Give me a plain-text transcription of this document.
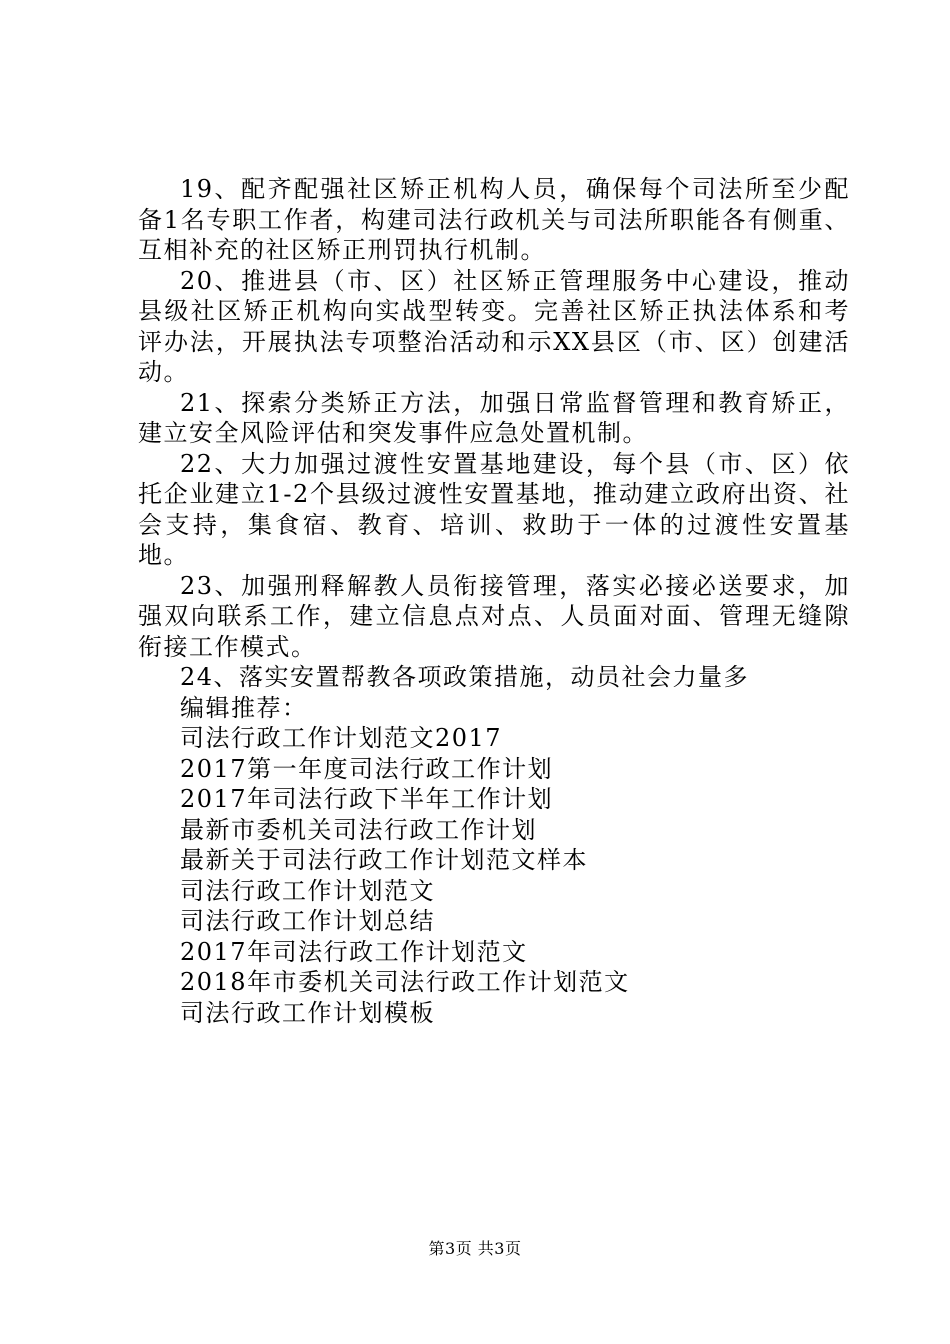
19、配齐配强社区矫正机构人员，确保每个司法所至少配备1名专职工作者，构建司法行政机关与司法所职能各有侧重、互相补充的社区矫正刑罚执行机制。

20、推进县（市、区）社区矫正管理服务中心建设，推动县级社区矫正机构向实战型转变。完善社区矫正执法体系和考评办法，开展执法专项整治活动和示XX县区（市、区）创建活动。

21、探索分类矫正方法，加强日常监督管理和教育矫正，建立安全风险评估和突发事件应急处置机制。

22、大力加强过渡性安置基地建设，每个县（市、区）依托企业建立1-2个县级过渡性安置基地，推动建立政府出资、社会支持，集食宿、教育、培训、救助于一体的过渡性安置基地。

23、加强刑释解教人员衔接管理，落实必接必送要求，加强双向联系工作，建立信息点对点、人员面对面、管理无缝隙衔接工作模式。

24、落实安置帮教各项政策措施，动员社会力量多

编辑推荐：

司法行政工作计划范文2017
2017第一年度司法行政工作计划
2017年司法行政下半年工作计划
最新市委机关司法行政工作计划
最新关于司法行政工作计划范文样本
司法行政工作计划范文
司法行政工作计划总结
2017年司法行政工作计划范文
2018年市委机关司法行政工作计划范文
司法行政工作计划模板
第3页 共3页
